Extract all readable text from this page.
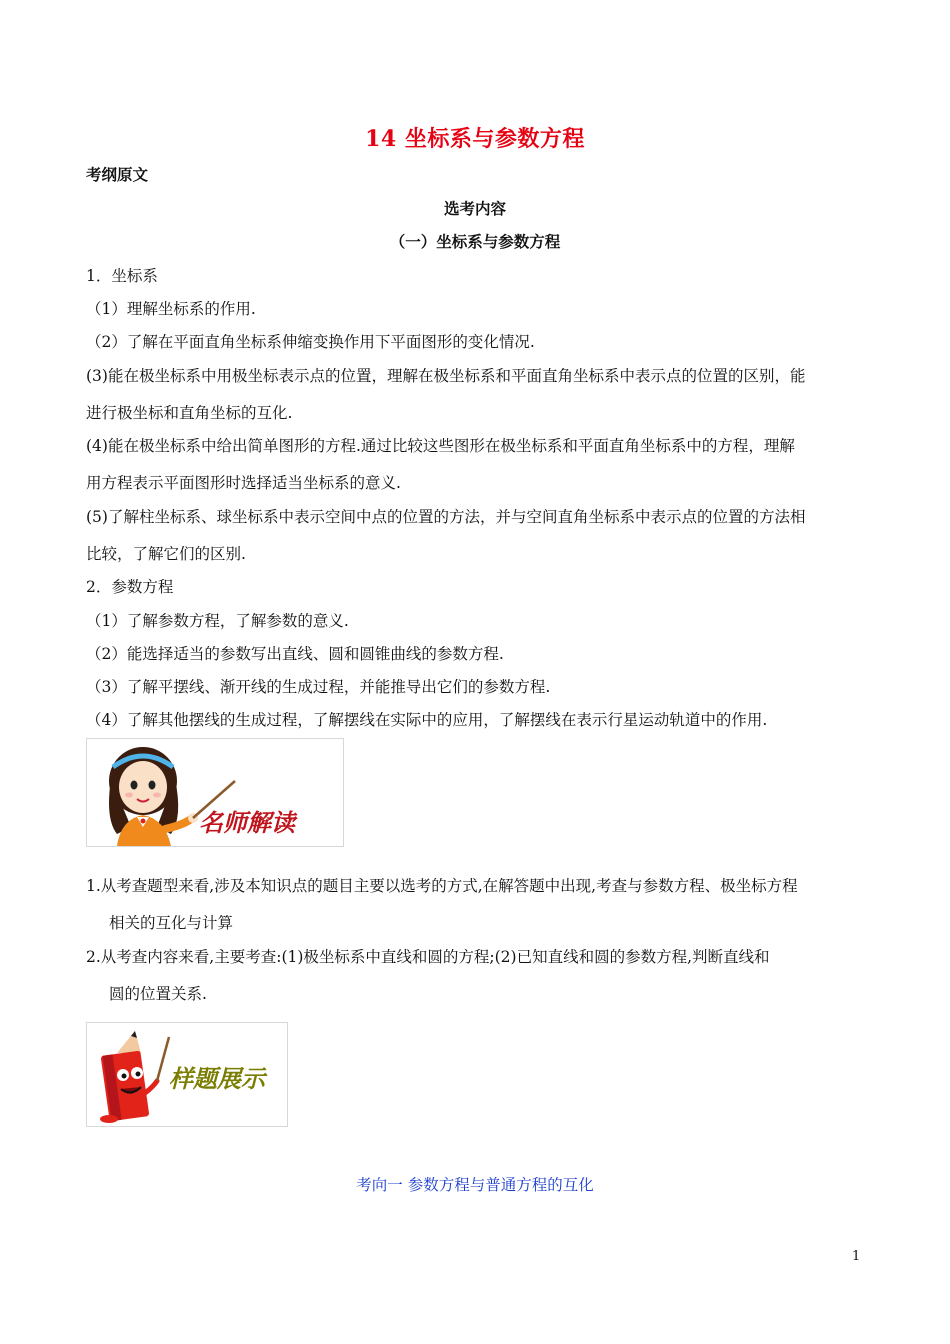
14 坐标系与参数方程
考纲原文
选考内容
（一）坐标系与参数方程
1．坐标系
（1）理解坐标系的作用.
（2）了解在平面直角坐标系伸缩变换作用下平面图形的变化情况.
(3)能在极坐标系中用极坐标表示点的位置，理解在极坐标系和平面直角坐标系中表示点的位置的区别，能
进行极坐标和直角坐标的互化.
(4)能在极坐标系中给出简单图形的方程.通过比较这些图形在极坐标系和平面直角坐标系中的方程，理解
用方程表示平面图形时选择适当坐标系的意义.
(5)了解柱坐标系、球坐标系中表示空间中点的位置的方法，并与空间直角坐标系中表示点的位置的方法相
比较，了解它们的区别.
2．参数方程
（1）了解参数方程，了解参数的意义.
（2）能选择适当的参数写出直线、圆和圆锥曲线的参数方程.
（3）了解平摆线、渐开线的生成过程，并能推导出它们的参数方程.
（4）了解其他摆线的生成过程，了解摆线在实际中的应用，了解摆线在表示行星运动轨道中的作用.
名师解读
1.从考查题型来看,涉及本知识点的题目主要以选考的方式,在解答题中出现,考查与参数方程、极坐标方程
相关的互化与计算
2.从考查内容来看,主要考查:(1)极坐标系中直线和圆的方程;(2)已知直线和圆的参数方程,判断直线和
圆的位置关系.
样题展示
考向一 参数方程与普通方程的互化
1
